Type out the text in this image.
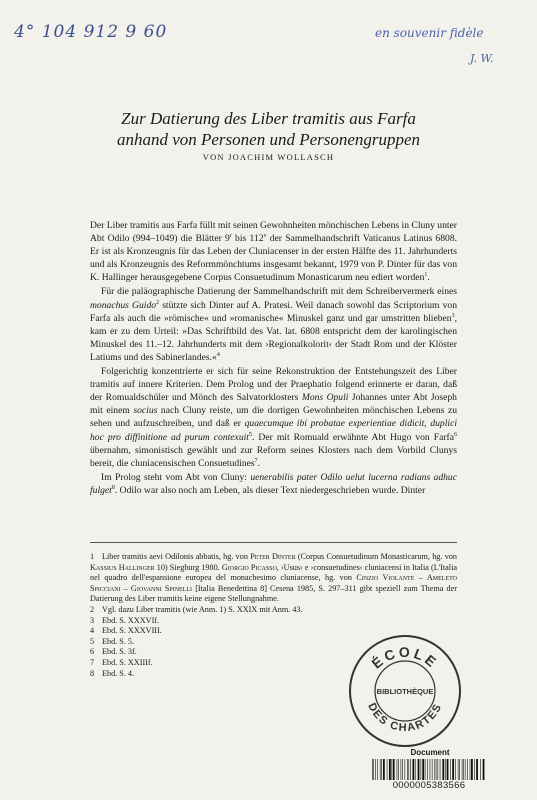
4° 104 912 9 60	en souvenir fidèle
J. W.
Zur Datierung des Liber tramitis aus Farfa
anhand von Personen und Personengruppen
VON JOACHIM WOLLASCH

Der Liber tramitis aus Farfa füllt mit seinen Gewohnheiten mönchischen Lebens in Cluny unter Abt Odilo (994–1049) die Blätter 9$^r$ bis 112$^v$ der Sammelhandschrift Vaticanus Latinus 6808. Er ist als Kronzeugnis für das Leben der Cluniacenser in der ersten Hälfte des 11. Jahrhunderts und als Kronzeugnis des Reformmönchtums insgesamt bekannt, 1979 von P. Dinter für das von K. Hallinger herausgegebene Corpus Consuetudinum Monasticarum neu ediert worden$^1$.

Für die paläographische Datierung der Sammelhandschrift mit dem Schreibervermerk eines monachus Guido$^2$ stützte sich Dinter auf A. Pratesi. Weil danach sowohl das Scriptorium von Farfa als auch die »römische« und »romanische« Minuskel ganz und gar umstritten blieben$^3$, kam er zu dem Urteil: »Das Schriftbild des Vat. lat. 6808 entspricht dem der karolingischen Minuskel des 11.–12. Jahrhunderts mit dem ›Regionalkolorit‹ der Stadt Rom und der Klöster Latiums und des Sabinerlandes.«$^4$

Folgerichtig konzentrierte er sich für seine Rekonstruktion der Entstehungszeit des Liber tramitis auf innere Kriterien. Dem Prolog und der Praephatio folgend erinnerte er daran, daß der Romualdschüler und Mönch des Salvatorklosters Mons Opuli Johannes unter Abt Joseph mit einem socius nach Cluny reiste, um die dortigen Gewohnheiten mönchischen Lebens zu sehen und aufzuschreiben, und daß er quaecumque ibi probatae experientiae didicit, duplici hoc pro diffinitione ad purum contexuit$^5$. Der mit Romuald erwähnte Abt Hugo von Farfa$^6$ übernahm, simonistisch gewählt und zur Reform seines Klosters nach dem Vorbild Clunys bereit, die cluniacensischen Consuetudines$^7$.

Im Prolog steht vom Abt von Cluny: uenerabilis pater Odilo uelut lucerna radians adhuc fulget$^8$. Odilo war also noch am Leben, als dieser Text niedergeschrieben wurde. Dinter

1 Liber tramitis aevi Odilonis abbatis, hg. von Peter Dinter (Corpus Consuetudinum Monasticarum, hg. von Kassius Hallinger 10) Siegburg 1980. Giorgio Picasso, ›Usus‹ e ›consuetudines‹ cluniacensi in Italia (L'Italia nel quadro dell'espansione europea del monachesimo cluniacense, hg. von Cinzio Violante – Ameleto Spicciani – Giovanni Spinelli [Italia Benedettina 8] Cesena 1985, S. 297–311 gibt speziell zum Thema der Datierung des Liber tramitis keine eigene Stellungnahme.
2 Vgl. dazu Liber tramitis (wie Anm. 1) S. XXIX mit Anm. 43.
3 Ebd. S. XXXVIf.
4 Ebd. S. XXXVIII.
5 Ebd. S. 5.
6 Ebd. S. 3f.
7 Ebd. S. XXIIIf.
8 Ebd. S. 4.
ÉCOLE
BIBLIOTHÈQUE
DES CHARTES
Document
0000005383566
